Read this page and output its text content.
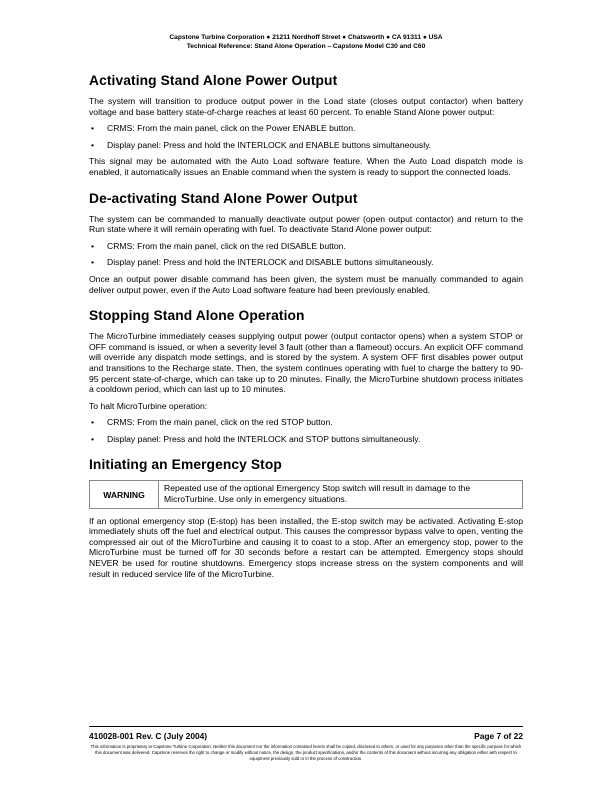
Capstone Turbine Corporation ● 21211 Nordhoff Street ● Chatsworth ● CA 91311 ● USA
Technical Reference: Stand Alone Operation – Capstone Model C30 and C60
Activating Stand Alone Power Output

The system will transition to produce output power in the Load state (closes output contactor) when battery voltage and base battery state-of-charge reaches at least 60 percent. To enable Stand Alone power output:

• CRMS: From the main panel, click on the Power ENABLE button.
• Display panel: Press and hold the INTERLOCK and ENABLE buttons simultaneously.

This signal may be automated with the Auto Load software feature. When the Auto Load dispatch mode is enabled, it automatically issues an Enable command when the system is ready to support the connected loads.

De-activating Stand Alone Power Output

The system can be commanded to manually deactivate output power (open output contactor) and return to the Run state where it will remain operating with fuel. To deactivate Stand Alone power output:

• CRMS: From the main panel, click on the red DISABLE button.
• Display panel: Press and hold the INTERLOCK and DISABLE buttons simultaneously.

Once an output power disable command has been given, the system must be manually commanded to again deliver output power, even if the Auto Load software feature had been previously enabled.

Stopping Stand Alone Operation

The MicroTurbine immediately ceases supplying output power (output contactor opens) when a system STOP or OFF command is issued, or when a severity level 3 fault (other than a flameout) occurs. An explicit OFF command will override any dispatch mode settings, and is stored by the system. A system OFF first disables power output and transitions to the Recharge state. Then, the system continues operating with fuel to charge the battery to 90-95 percent state-of-charge, which can take up to 20 minutes. Finally, the MicroTurbine shutdown process initiates a cooldown period, which can last up to 10 minutes.

To halt MicroTurbine operation:

• CRMS: From the main panel, click on the red STOP button.
• Display panel: Press and hold the INTERLOCK and STOP buttons simultaneously.
Initiating an Emergency Stop
WARNING
Repeated use of the optional Emergency Stop switch will result in damage to the MicroTurbine. Use only in emergency situations.

If an optional emergency stop (E-stop) has been installed, the E-stop switch may be activated. Activating E-stop immediately shuts off the fuel and electrical output. This causes the compressor bypass valve to open, venting the compressed air out of the MicroTurbine and causing it to coast to a stop. After an emergency stop, power to the MicroTurbine must be turned off for 30 seconds before a restart can be attempted. Emergency stops should NEVER be used for routine shutdowns. Emergency stops increase stress on the system components and will result in reduced service life of the MicroTurbine.

410028-001 Rev. C (July 2004)	Page 7 of 22
This information is proprietary to Capstone Turbine Corporation. Neither this document nor the information contained herein shall be copied, disclosed to others, or used for any purposes other than the specific purpose for which this document was delivered. Capstone reserves the right to change or modify without notice, the design, the product specifications, and/or the contents of this document without incurring any obligation either with respect to equipment previously sold or in the process of construction.
